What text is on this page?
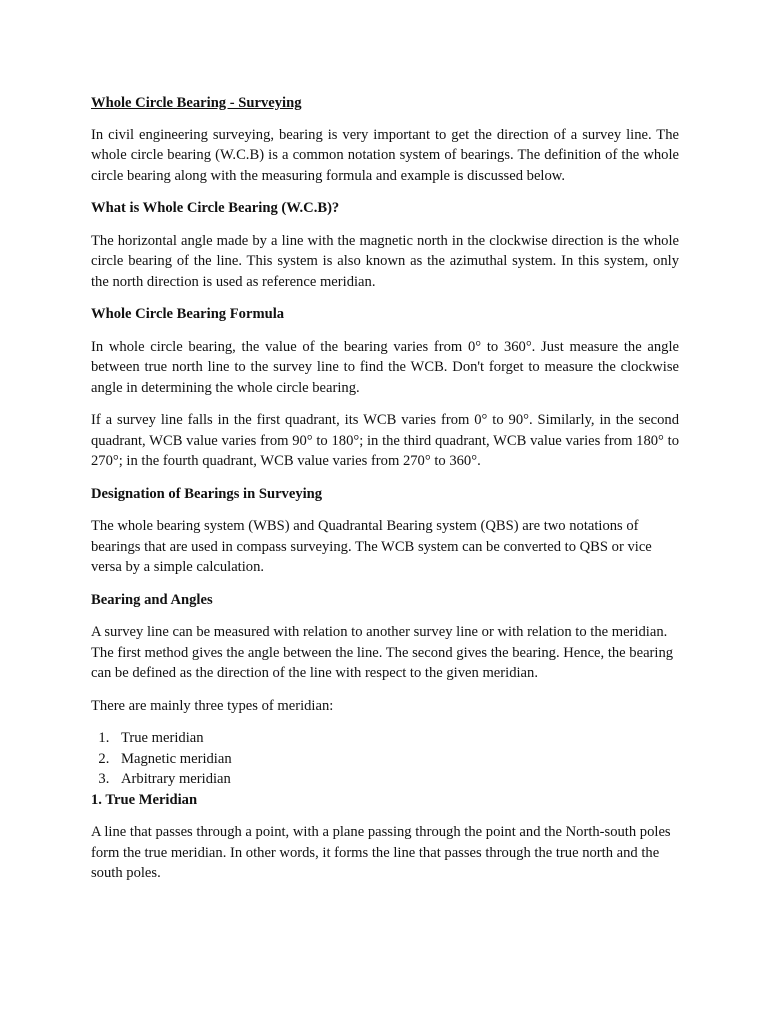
Whole Circle Bearing - Surveying

In civil engineering surveying, bearing is very important to get the direction of a survey line. The whole circle bearing (W.C.B) is a common notation system of bearings. The definition of the whole circle bearing along with the measuring formula and example is discussed below.

What is Whole Circle Bearing (W.C.B)?

The horizontal angle made by a line with the magnetic north in the clockwise direction is the whole circle bearing of the line. This system is also known as the azimuthal system. In this system, only the north direction is used as reference meridian.

Whole Circle Bearing Formula

In whole circle bearing, the value of the bearing varies from 0° to 360°. Just measure the angle between true north line to the survey line to find the WCB. Don't forget to measure the clockwise angle in determining the whole circle bearing.

If a survey line falls in the first quadrant, its WCB varies from 0° to 90°. Similarly, in the second quadrant, WCB value varies from 90° to 180°; in the third quadrant, WCB value varies from 180° to 270°; in the fourth quadrant, WCB value varies from 270° to 360°.

Designation of Bearings in Surveying

The whole bearing system (WBS) and Quadrantal Bearing system (QBS) are two notations of bearings that are used in compass surveying. The WCB system can be converted to QBS or vice versa by a simple calculation.

Bearing and Angles

A survey line can be measured with relation to another survey line or with relation to the meridian. The first method gives the angle between the line. The second gives the bearing. Hence, the bearing can be defined as the direction of the line with respect to the given meridian.

There are mainly three types of meridian:

1. True meridian
2. Magnetic meridian
3. Arbitrary meridian
1. True Meridian

A line that passes through a point, with a plane passing through the point and the North-south poles form the true meridian. In other words, it forms the line that passes through the true north and the south poles.
